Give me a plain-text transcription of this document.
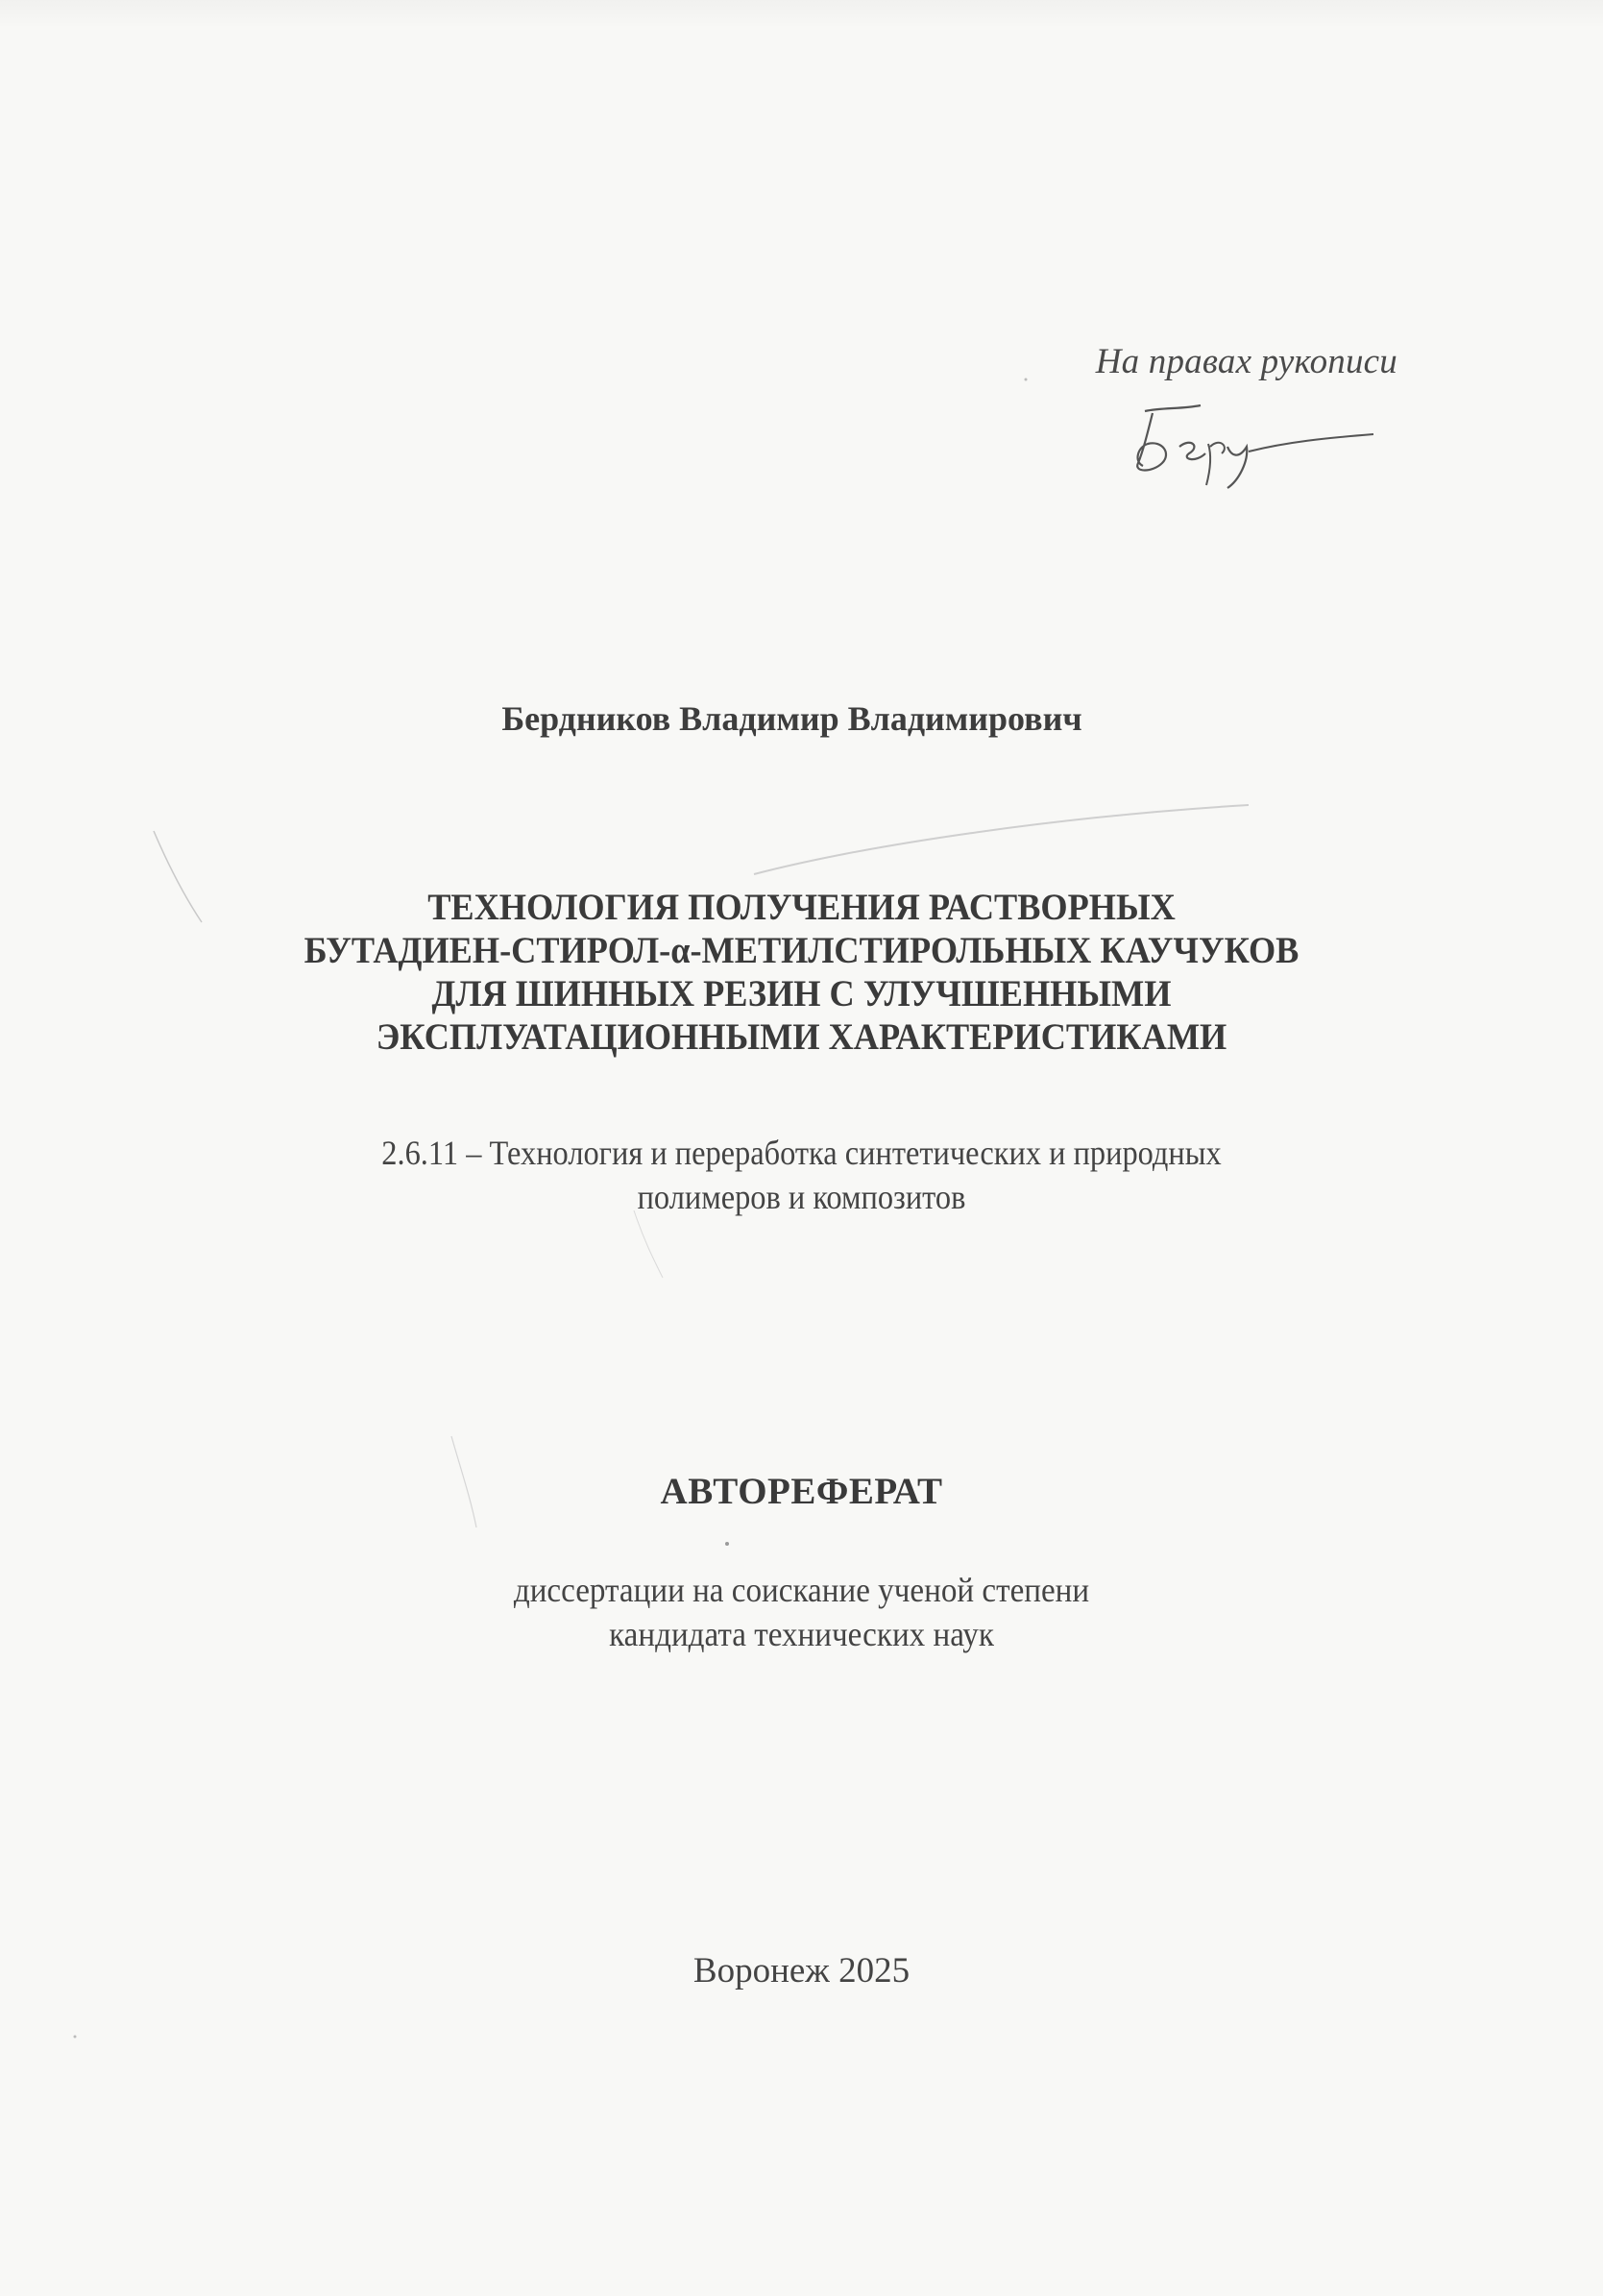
На правах рукописи
Бердников Владимир Владимирович
ТЕХНОЛОГИЯ ПОЛУЧЕНИЯ РАСТВОРНЫХ
БУТАДИЕН-СТИРОЛ-α-МЕТИЛСТИРОЛЬНЫХ КАУЧУКОВ
ДЛЯ ШИННЫХ РЕЗИН С УЛУЧШЕННЫМИ
ЭКСПЛУАТАЦИОННЫМИ ХАРАКТЕРИСТИКАМИ
2.6.11 – Технология и переработка синтетических и природных
полимеров и композитов
АВТОРЕФЕРАТ
диссертации на соискание ученой степени
кандидата технических наук
Воронеж 2025
